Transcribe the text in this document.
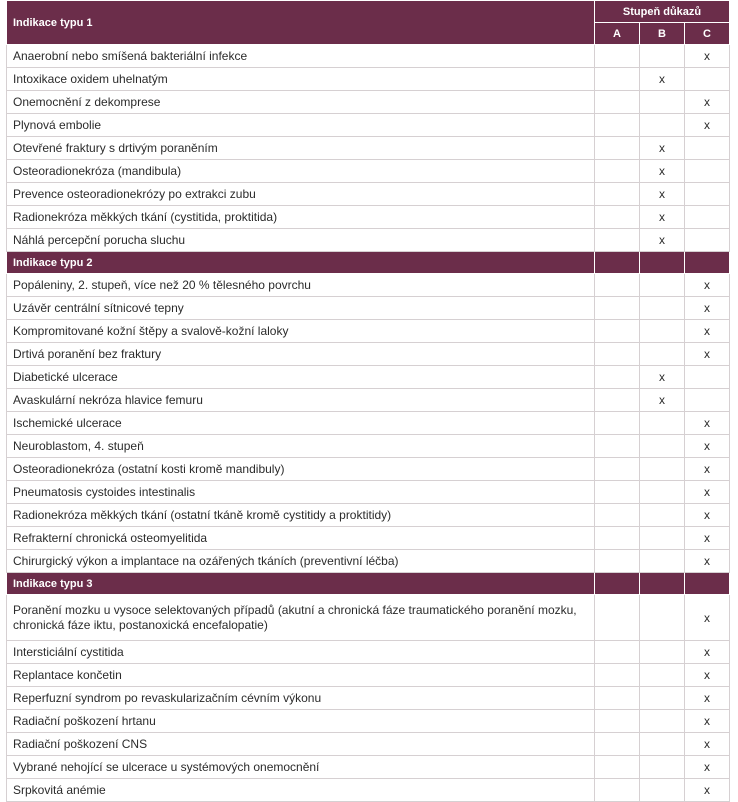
Indikace typu 1	Stupeň důkazů		
	A	B	C
Anaerobní nebo smíšená bakteriální infekce			x
Intoxikace oxidem uhelnatým		x	
Onemocnění z dekomprese			x
Plynová embolie			x
Otevřené fraktury s drtivým poraněním		x	
Osteoradionekróza (mandibula)		x	
Prevence osteoradionekrózy po extrakci zubu		x	
Radionekróza měkkých tkání (cystitida, proktitida)		x	
Náhlá percepční porucha sluchu		x	
Indikace typu 2			
Popáleniny, 2. stupeň, více než 20 % tělesného povrchu			x
Uzávěr centrální sítnicové tepny			x
Kompromitované kožní štěpy a svalově-kožní laloky			x
Drtivá poranění bez fraktury			x
Diabetické ulcerace		x	
Avaskulární nekróza hlavice femuru		x	
Ischemické ulcerace			x
Neuroblastom, 4. stupeň			x
Osteoradionekróza (ostatní kosti kromě mandibuly)			x
Pneumatosis cystoides intestinalis			x
Radionekróza měkkých tkání (ostatní tkáně kromě cystitidy a proktitidy)			x
Refrakterní chronická osteomyelitida			x
Chirurgický výkon a implantace na ozářených tkáních (preventivní léčba)			x
Indikace typu 3			
Poranění mozku u vysoce selektovaných případů (akutní a chronická fáze traumatického poranění mozku, chronická fáze iktu, postanoxická encefalopatie)			x
Intersticiální cystitida			x
Replantace končetin			x
Reperfuzní syndrom po revaskularizačním cévním výkonu			x
Radiační poškození hrtanu			x
Radiační poškození CNS			x
Vybrané nehojící se ulcerace u systémových onemocnění			x
Srpkovitá anémie			x
